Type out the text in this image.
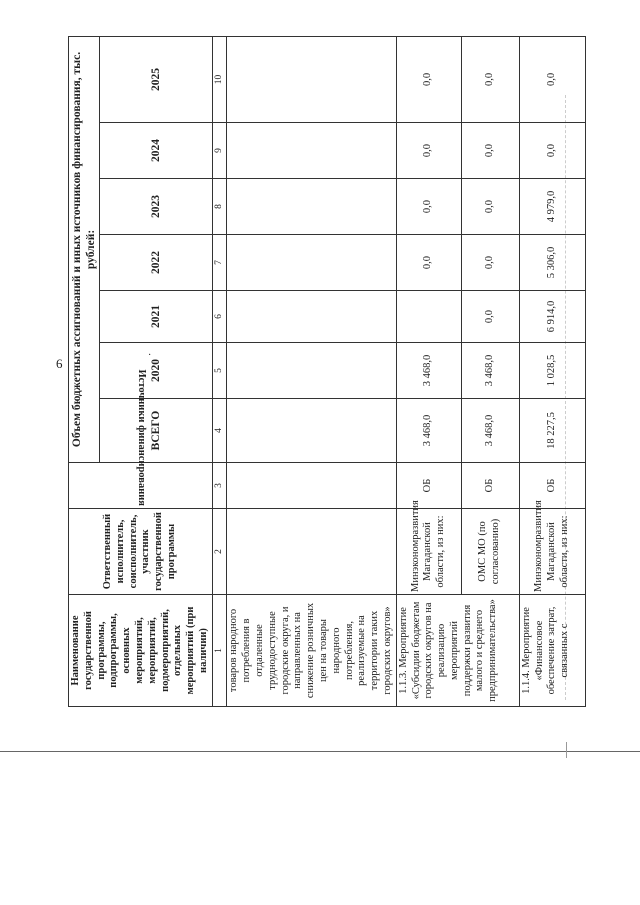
6
·
Наименование государственной программы, подпрограммы, основных мероприятий, мероприятий, подмероприятий, отдельных мероприятий (при наличии)	Ответственный исполнитель, соисполнитель, участник государственной программы	Источники финансирования	Объем бюджетных ассигнований и иных источников финансирования, тыс. рублей:						
			ВСЕГО	2020	2021	2022	2023	2024	2025
1	2	3	4	5	6	7	8	9	10
товаров народного потребления в отдаленные труднодоступные городские округа, и направленных на снижение розничных цен на товары народного потребления, реализуемые на территории таких городских округов»									
1.1.3. Мероприятие «Субсидии бюджетам городских округов на реализацию мероприятий поддержки развития малого и среднего предпринимательства»	Минэкономразвития Магаданской области, из них:	ОБ	3 468,0	3 468,0		0,0	0,0	0,0	0,0
	ОМС МО (по согласованию)	ОБ	3 468,0	3 468,0	0,0	0,0	0,0	0,0	0,0
1.1.4. Мероприятие «Финансовое обеспечение затрат, связанных с	Минэкономразвития Магаданской области, из них:	ОБ	18 227,5	1 028,5	6 914,0	5 306,0	4 979,0	0,0	0,0
